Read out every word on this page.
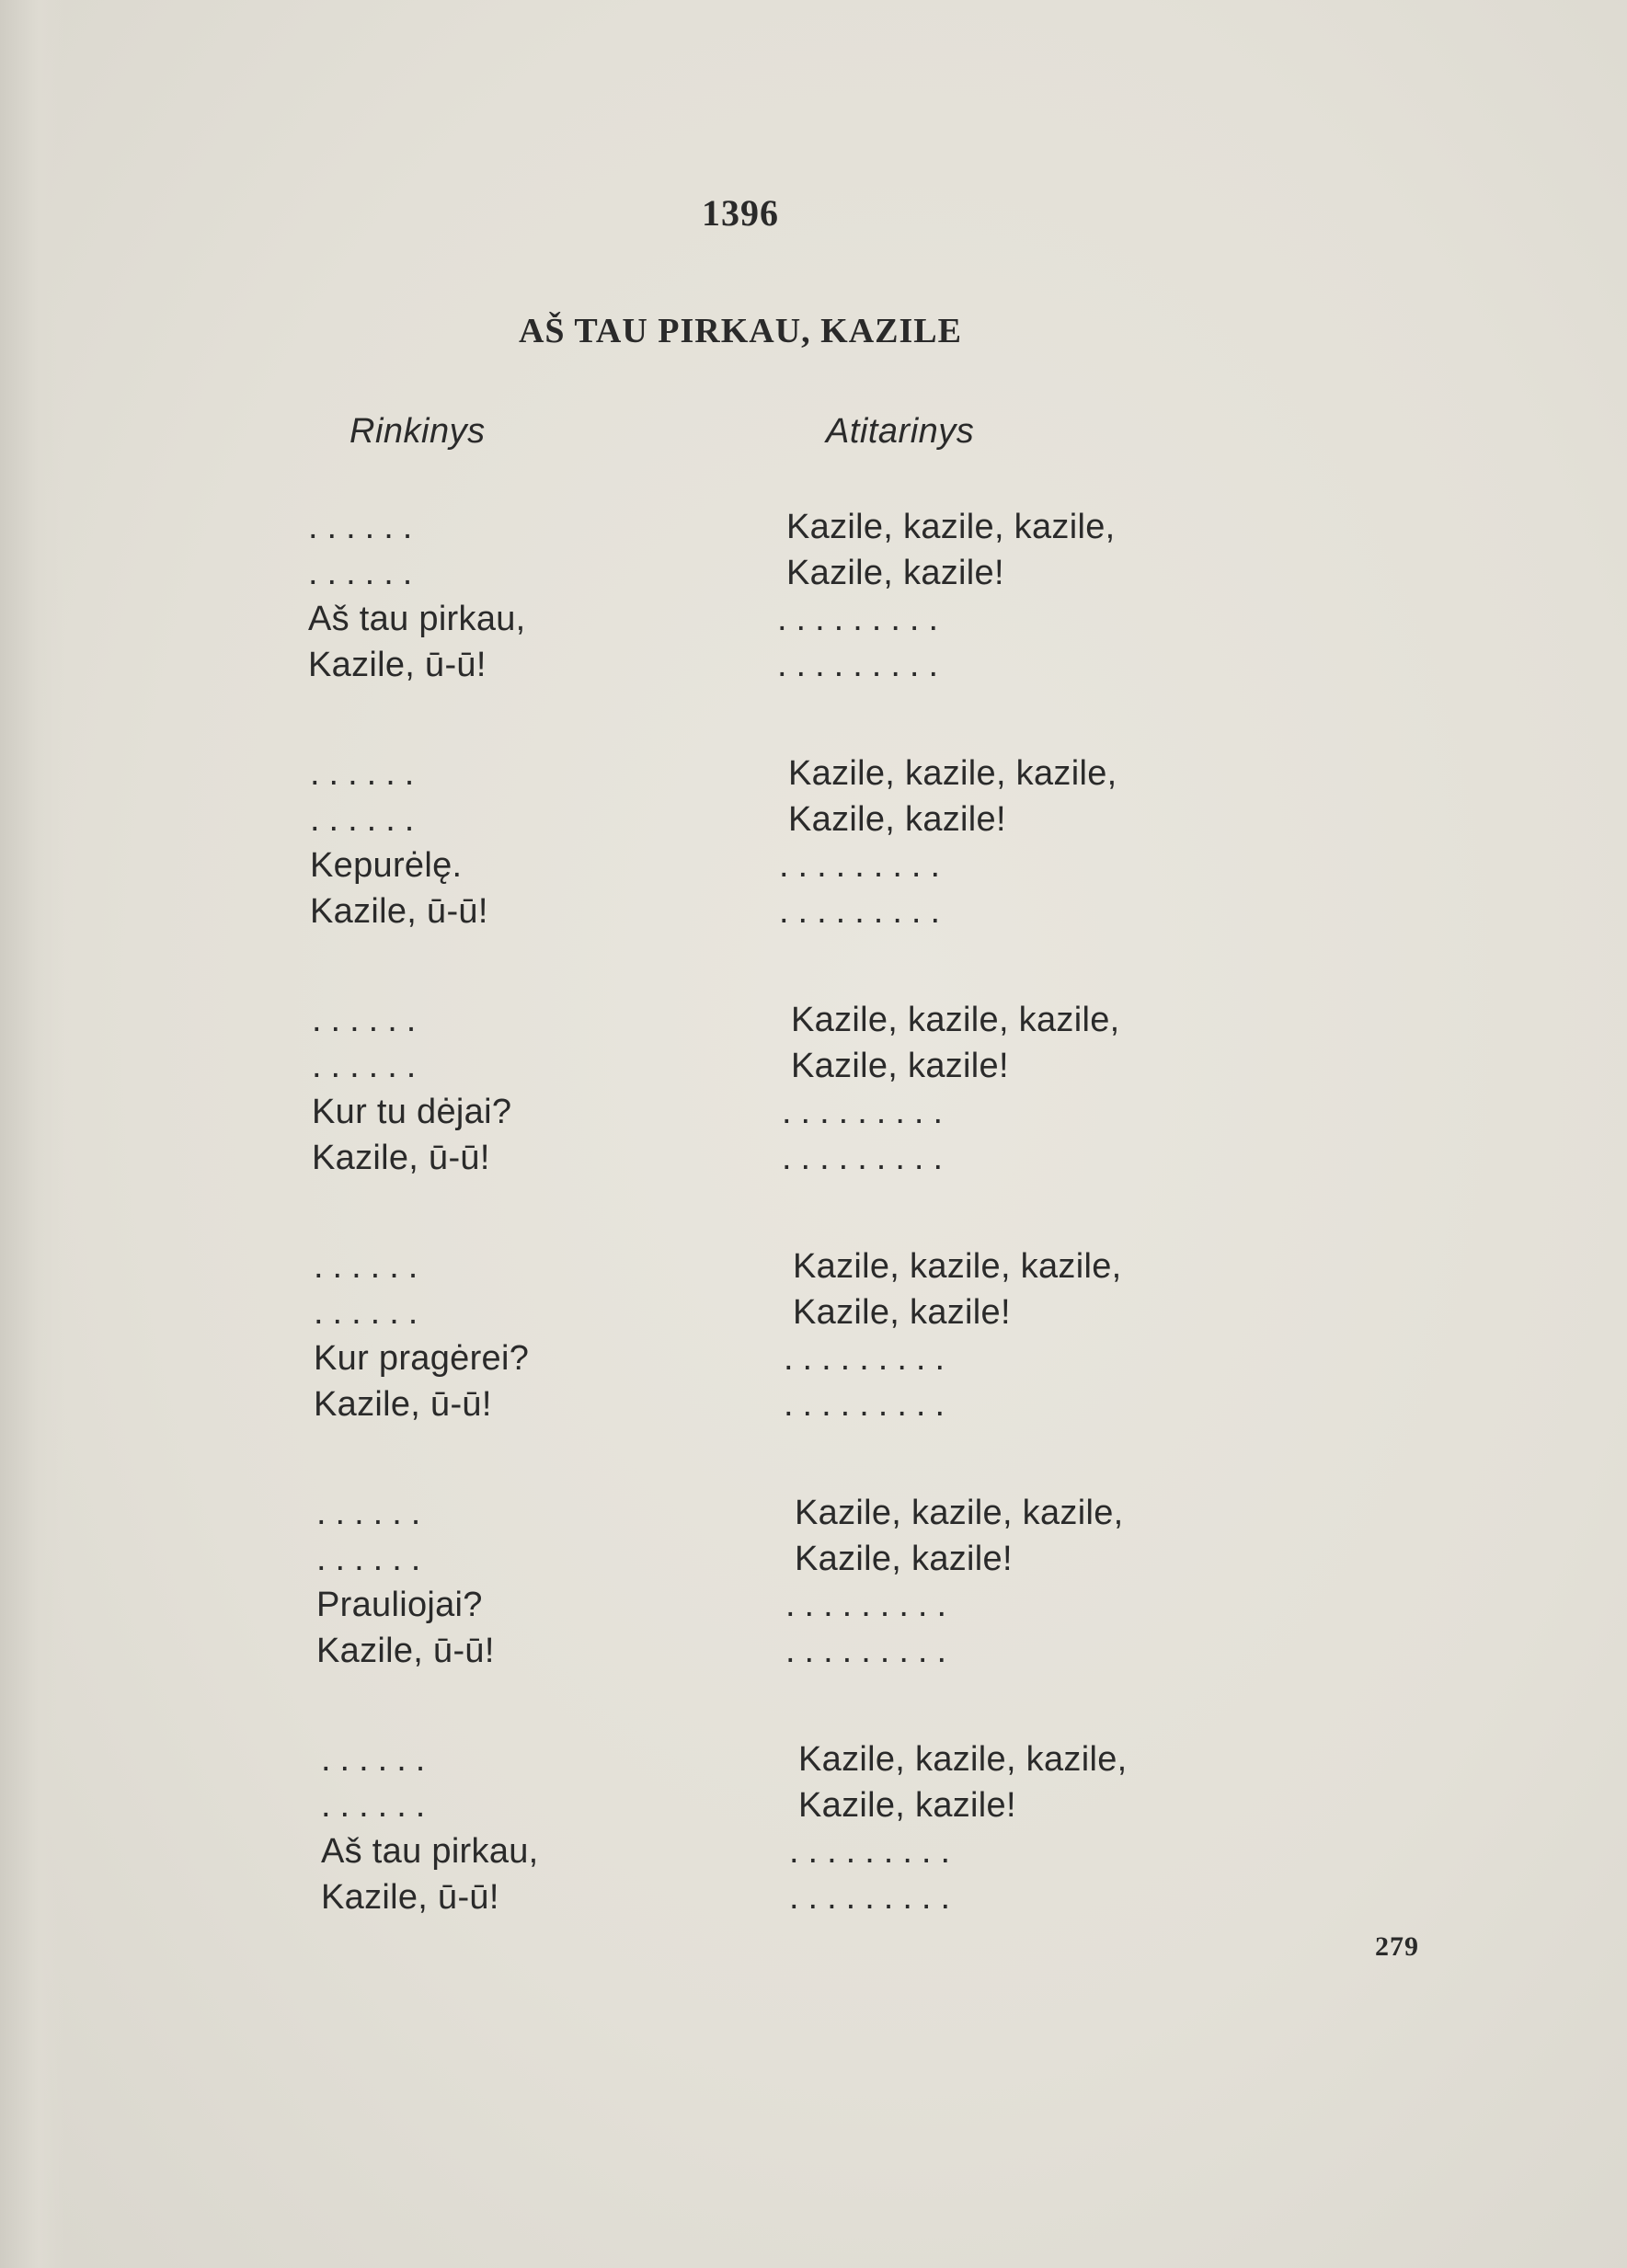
1396
AŠ TAU PIRKAU, KAZILE
Rinkinys	Atitarinys
......
......
Aš tau pirkau,
Kazile, ū-ū!
Kazile, kazile, kazile,
Kazile, kazile!
.........
.........
......
......
Kepurėlę.
Kazile, ū-ū!
Kazile, kazile, kazile,
Kazile, kazile!
.........
.........
......
......
Kur tu dėjai?
Kazile, ū-ū!
Kazile, kazile, kazile,
Kazile, kazile!
.........
.........
......
......
Kur pragėrei?
Kazile, ū-ū!
Kazile, kazile, kazile,
Kazile, kazile!
.........
.........
......
......
Prauliojai?
Kazile, ū-ū!
Kazile, kazile, kazile,
Kazile, kazile!
.........
.........
......
......
Aš tau pirkau,
Kazile, ū-ū!
Kazile, kazile, kazile,
Kazile, kazile!
.........
.........
279
